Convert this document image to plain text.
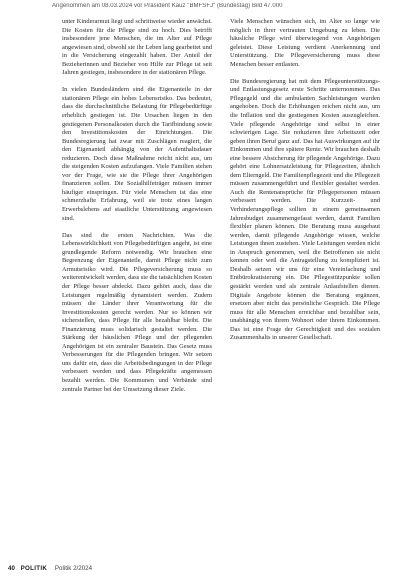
Angenommen am 08.03.2024 vor Präsident Kauz "BMFSFJ" (Bundestag) Bild 47.000

unter Kinderarmut liegt und schrittweise wieder anwächst. Die Kosten für die Pflege sind zu hoch. Dies betrifft insbesondere jene Menschen, die im Alter auf Pflege angewiesen sind, obwohl sie ihr Leben lang gearbeitet und in die Versicherung eingezahlt haben. Der Anteil der Bezieherinnen und Bezieher von Hilfe zur Pflege ist seit Jahren gestiegen, insbesondere in der stationären Pflege.

In vielen Bundesländern sind die Eigenanteile in der stationären Pflege ein hohes Lebensrisiko. Das bedeutet, dass die durchschnittliche Belastung für Pflegebedürftige erheblich gestiegen ist. Die Ursachen liegen in den gestiegenen Personalkosten durch die Tarifbindung sowie den Investitionskosten der Einrichtungen. Die Bundesregierung hat zwar mit Zuschlägen reagiert, die den Eigenanteil abhängig von der Aufenthaltsdauer reduzieren. Doch diese Maßnahme reicht nicht aus, um die steigenden Kosten aufzufangen. Viele Familien stehen vor der Frage, wie sie die Pflege ihrer Angehörigen finanzieren sollen. Die Sozialhilfeträger müssen immer häufiger einspringen. Für viele Menschen ist das eine schmerzhafte Erfahrung, weil sie trotz eines langen Erwerbslebens auf staatliche Unterstützung angewiesen sind.

Das sind die ersten Nachrichten. Was die Lebenswirklichkeit von Pflegebedürftigen angeht, ist eine grundlegende Reform notwendig. Wir brauchen eine Begrenzung der Eigenanteile, damit Pflege nicht zum Armutsrisiko wird. Die Pflegeversicherung muss so weiterentwickelt werden, dass sie die tatsächlichen Kosten der Pflege besser abdeckt. Dazu gehört auch, dass die Leistungen regelmäßig dynamisiert werden. Zudem müssen die Länder ihrer Verantwortung für die Investitionskosten gerecht werden. Nur so können wir sicherstellen, dass Pflege für alle bezahlbar bleibt. Die Finanzierung muss solidarisch gestaltet werden. Die Stärkung der häuslichen Pflege und der pflegenden Angehörigen ist ein zentraler Baustein. Das Gesetz muss Verbesserungen für die Pflegenden bringen. Wir setzen uns dafür ein, dass die Arbeitsbedingungen in der Pflege verbessert werden und dass Pflegekräfte angemessen bezahlt werden. Die Kommunen und Verbände sind zentrale Partner bei der Umsetzung dieser Ziele.

Viele Menschen wünschen sich, im Alter so lange wie möglich in ihrer vertrauten Umgebung zu leben. Die häusliche Pflege wird überwiegend von Angehörigen geleistet. Diese Leistung verdient Anerkennung und Unterstützung. Die Pflegeversicherung muss diese Menschen besser entlasten.

Die Bundesregierung hat mit dem Pflegeunterstützungs- und Entlastungsgesetz erste Schritte unternommen. Das Pflegegeld und die ambulanten Sachleistungen wurden angehoben. Doch die Erhöhungen reichen nicht aus, um die Inflation und die gestiegenen Kosten auszugleichen. Viele pflegende Angehörige sind selbst in einer schwierigen Lage. Sie reduzieren ihre Arbeitszeit oder geben ihren Beruf ganz auf. Das hat Auswirkungen auf ihr Einkommen und ihre spätere Rente. Wir brauchen deshalb eine bessere Absicherung für pflegende Angehörige. Dazu gehört eine Lohnersatzleistung für Pflegezeiten, ähnlich dem Elterngeld. Die Familienpflegezeit und die Pflegezeit müssen zusammengeführt und flexibler gestaltet werden. Auch die Rentenansprüche für Pflegepersonen müssen verbessert werden. Die Kurzzeit- und Verhinderungspflege sollten in einem gemeinsamen Jahresbudget zusammengefasst werden, damit Familien flexibler planen können. Die Beratung muss ausgebaut werden, damit pflegende Angehörige wissen, welche Leistungen ihnen zustehen. Viele Leistungen werden nicht in Anspruch genommen, weil die Betroffenen sie nicht kennen oder weil die Antragstellung zu kompliziert ist. Deshalb setzen wir uns für eine Vereinfachung und Entbürokratisierung ein. Die Pflegestützpunkte sollen gestärkt werden und als zentrale Anlaufstellen dienen. Digitale Angebote können die Beratung ergänzen, ersetzen aber nicht das persönliche Gespräch. Die Pflege muss für alle Menschen erreichbar und bezahlbar sein, unabhängig von ihrem Wohnort oder ihrem Einkommen. Das ist eine Frage der Gerechtigkeit und des sozialen Zusammenhalts in unserer Gesellschaft.

40 POLITIK Politik 2/2024
